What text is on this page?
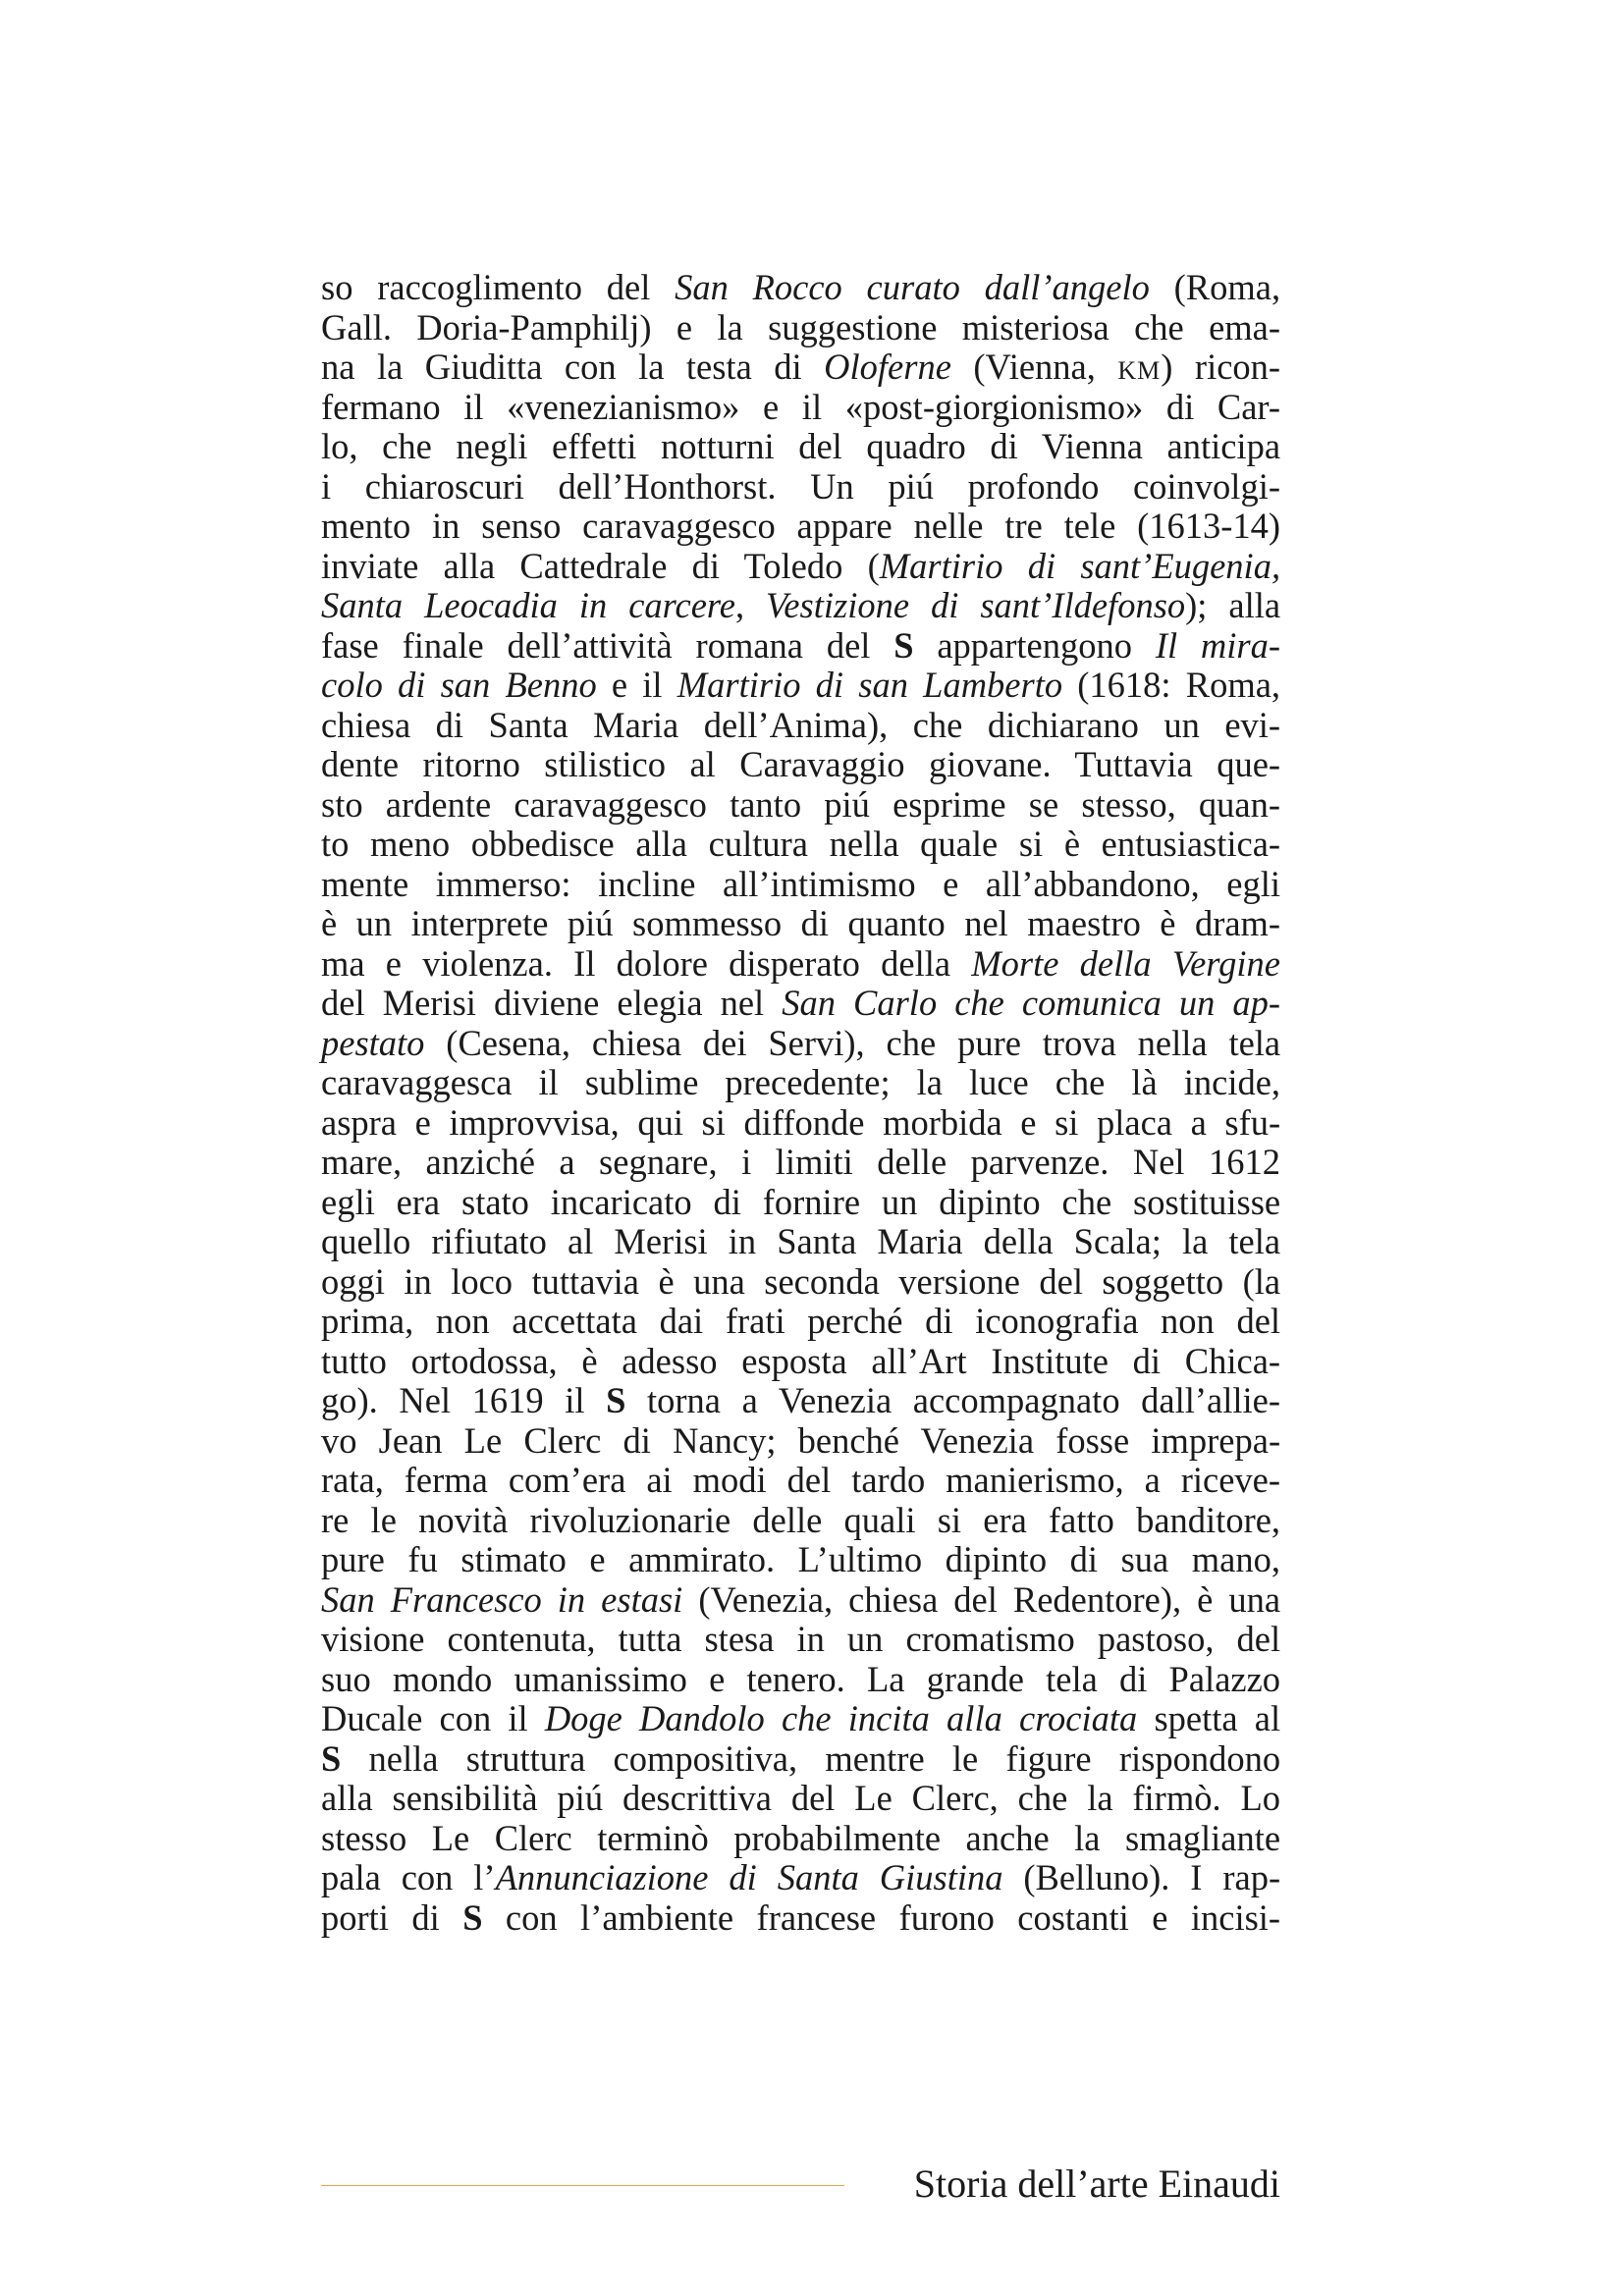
so raccoglimento del San Rocco curato dall’angelo (Roma,
Gall. Doria-Pamphilj) e la suggestione misteriosa che ema-
na la Giuditta con la testa di Oloferne (Vienna, km) ricon-
fermano il «venezianismo» e il «post-giorgionismo» di Car-
lo, che negli effetti notturni del quadro di Vienna anticipa
i chiaroscuri dell’Honthorst. Un piú profondo coinvolgi-
mento in senso caravaggesco appare nelle tre tele (1613-14)
inviate alla Cattedrale di Toledo (Martirio di sant’Eugenia,
Santa Leocadia in carcere, Vestizione di sant’Ildefonso); alla
fase finale dell’attività romana del S appartengono Il mira-
colo di san Benno e il Martirio di san Lamberto (1618: Roma,
chiesa di Santa Maria dell’Anima), che dichiarano un evi-
dente ritorno stilistico al Caravaggio giovane. Tuttavia que-
sto ardente caravaggesco tanto piú esprime se stesso, quan-
to meno obbedisce alla cultura nella quale si è entusiastica-
mente immerso: incline all’intimismo e all’abbandono, egli
è un interprete piú sommesso di quanto nel maestro è dram-
ma e violenza. Il dolore disperato della Morte della Vergine
del Merisi diviene elegia nel San Carlo che comunica un ap-
pestato (Cesena, chiesa dei Servi), che pure trova nella tela
caravaggesca il sublime precedente; la luce che là incide,
aspra e improvvisa, qui si diffonde morbida e si placa a sfu-
mare, anziché a segnare, i limiti delle parvenze. Nel 1612
egli era stato incaricato di fornire un dipinto che sostituisse
quello rifiutato al Merisi in Santa Maria della Scala; la tela
oggi in loco tuttavia è una seconda versione del soggetto (la
prima, non accettata dai frati perché di iconografia non del
tutto ortodossa, è adesso esposta all’Art Institute di Chica-
go). Nel 1619 il S torna a Venezia accompagnato dall’allie-
vo Jean Le Clerc di Nancy; benché Venezia fosse imprepa-
rata, ferma com’era ai modi del tardo manierismo, a riceve-
re le novità rivoluzionarie delle quali si era fatto banditore,
pure fu stimato e ammirato. L’ultimo dipinto di sua mano,
San Francesco in estasi (Venezia, chiesa del Redentore), è una
visione contenuta, tutta stesa in un cromatismo pastoso, del
suo mondo umanissimo e tenero. La grande tela di Palazzo
Ducale con il Doge Dandolo che incita alla crociata spetta al
S nella struttura compositiva, mentre le figure rispondono
alla sensibilità piú descrittiva del Le Clerc, che la firmò. Lo
stesso Le Clerc terminò probabilmente anche la smagliante
pala con l’Annunciazione di Santa Giustina (Belluno). I rap-
porti di S con l’ambiente francese furono costanti e incisi-
Storia dell’arte Einaudi
